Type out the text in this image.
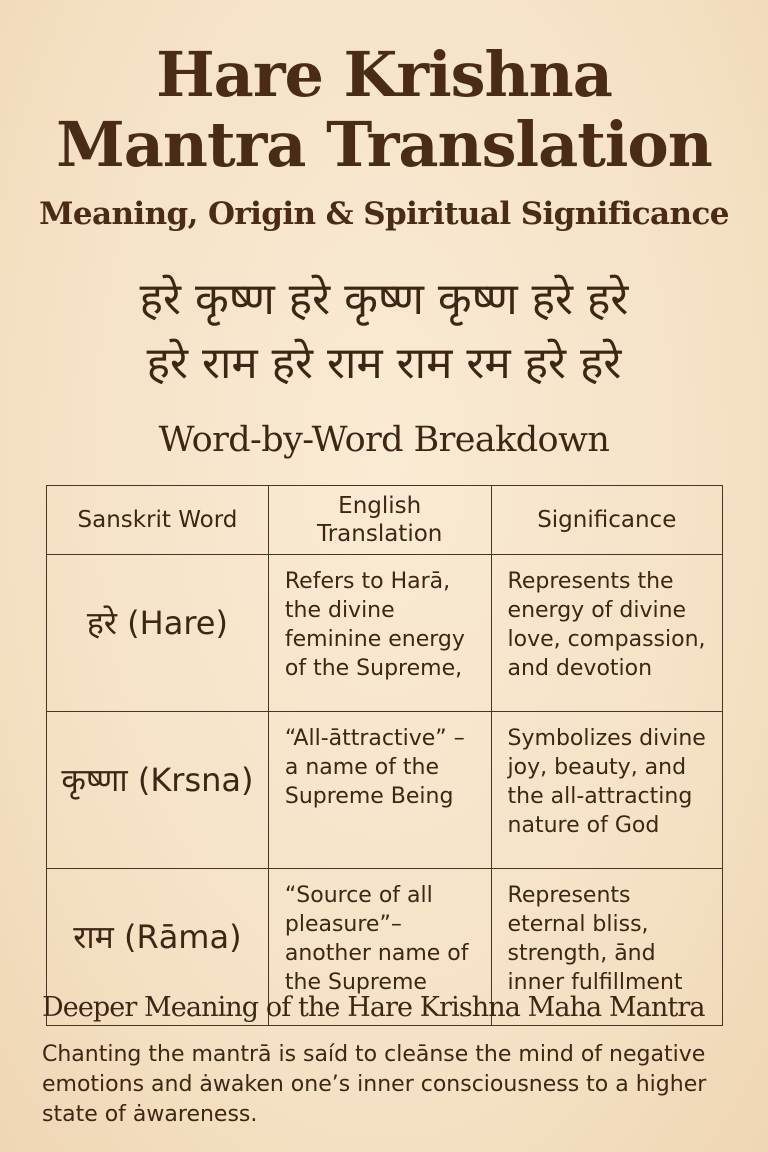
Hare Krishna
Mantra Translation
Meaning, Origin & Spiritual Significance
हरे कृष्ण हरे कृष्ण कृष्ण हरे हरे
हरे राम हरे राम राम रम हरे हरे
Word-by-Word Breakdown
Sanskrit Word	English Translation	Significance
हरे (Hare)	Refers to Harā, the divine feminine energy of the Supreme,	Represents the energy of divine love, compassion, and devotion
कृष्णा (Krsna)	“All-āttractive” – a name of the Supreme Being	Symbolizes divine joy, beauty, and the all-attracting nature of God
राम (Rāma)	“Source of all pleasure”– another name of the Supreme	Represents eternal bliss, strength, ānd inner fulfillment
Deeper Meaning of the Hare Krishna Maha Mantra
Chanting the mantrā is saíd to cleānse the mind of negative emotions and ȧwaken one’s inner consciousness to a higher state of ȧwareness.
